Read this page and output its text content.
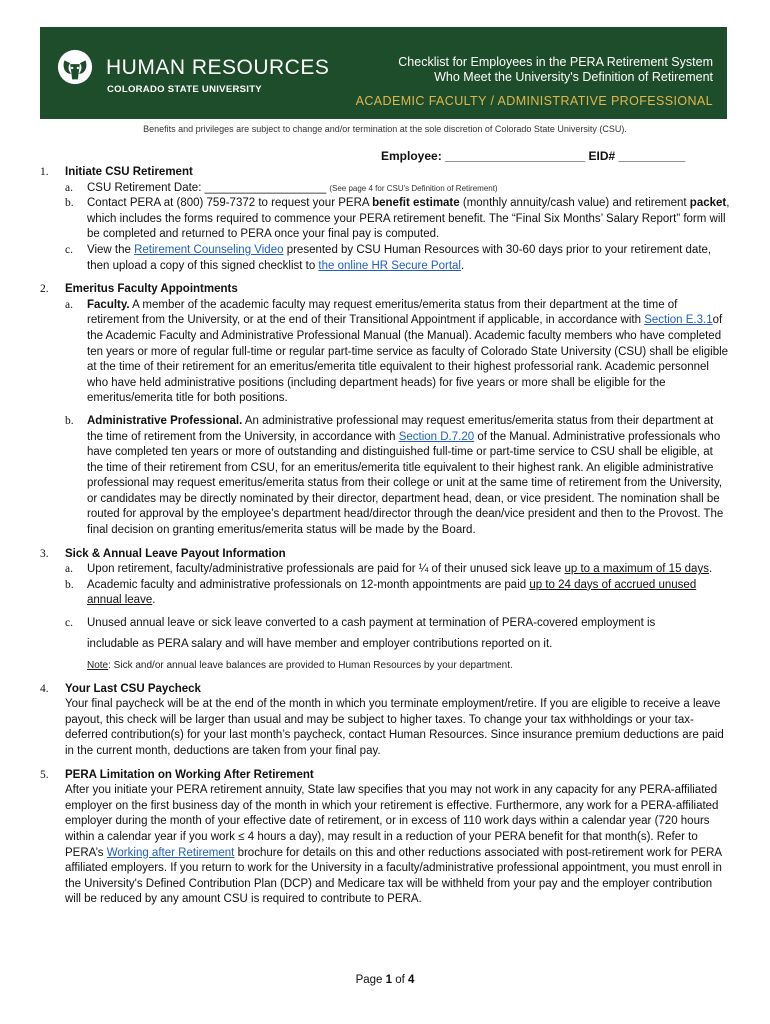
HUMAN RESOURCES
COLORADO STATE UNIVERSITY
Checklist for Employees in the PERA Retirement System
Who Meet the University's Definition of Retirement
ACADEMIC FACULTY / ADMINISTRATIVE PROFESSIONAL
Benefits and privileges are subject to change and/or termination at the sole discretion of Colorado State University (CSU).
Employee: _____________________ EID# __________
1. Initiate CSU Retirement
a. CSU Retirement Date: ___________________ (See page 4 for CSU's Definition of Retirement)
b. Contact PERA at (800) 759-7372 to request your PERA benefit estimate (monthly annuity/cash value) and retirement packet, which includes the forms required to commence your PERA retirement benefit. The “Final Six Months’ Salary Report” form will be completed and returned to PERA once your final pay is computed.
c. View the Retirement Counseling Video presented by CSU Human Resources with 30-60 days prior to your retirement date, then upload a copy of this signed checklist to the online HR Secure Portal.
2. Emeritus Faculty Appointments
a. Faculty. A member of the academic faculty may request emeritus/emerita status from their department at the time of retirement from the University, or at the end of their Transitional Appointment if applicable, in accordance with Section E.3.1of the Academic Faculty and Administrative Professional Manual (the Manual). Academic faculty members who have completed ten years or more of regular full-time or regular part-time service as faculty of Colorado State University (CSU) shall be eligible at the time of their retirement for an emeritus/emerita title equivalent to their highest professorial rank. Academic personnel who have held administrative positions (including department heads) for five years or more shall be eligible for the emeritus/emerita title for both positions.
b. Administrative Professional. An administrative professional may request emeritus/emerita status from their department at the time of retirement from the University, in accordance with Section D.7.20 of the Manual. Administrative professionals who have completed ten years or more of outstanding and distinguished full-time or part-time service to CSU shall be eligible, at the time of their retirement from CSU, for an emeritus/emerita title equivalent to their highest rank. An eligible administrative professional may request emeritus/emerita status from their college or unit at the same time of retirement from the University, or candidates may be directly nominated by their director, department head, dean, or vice president. The nomination shall be routed for approval by the employee’s department head/director through the dean/vice president and then to the Provost. The final decision on granting emeritus/emerita status will be made by the Board.
3. Sick & Annual Leave Payout Information
a. Upon retirement, faculty/administrative professionals are paid for ¼ of their unused sick leave up to a maximum of 15 days.
b. Academic faculty and administrative professionals on 12-month appointments are paid up to 24 days of accrued unused annual leave.
c. Unused annual leave or sick leave converted to a cash payment at termination of PERA-covered employment is
includable as PERA salary and will have member and employer contributions reported on it.
Note: Sick and/or annual leave balances are provided to Human Resources by your department.
4. Your Last CSU Paycheck
Your final paycheck will be at the end of the month in which you terminate employment/retire. If you are eligible to receive a leave payout, this check will be larger than usual and may be subject to higher taxes. To change your tax withholdings or your tax-deferred contribution(s) for your last month’s paycheck, contact Human Resources. Since insurance premium deductions are paid in the current month, deductions are taken from your final pay.
5. PERA Limitation on Working After Retirement
After you initiate your PERA retirement annuity, State law specifies that you may not work in any capacity for any PERA-affiliated employer on the first business day of the month in which your retirement is effective. Furthermore, any work for a PERA-affiliated employer during the month of your effective date of retirement, or in excess of 110 work days within a calendar year (720 hours within a calendar year if you work ≤ 4 hours a day), may result in a reduction of your PERA benefit for that month(s). Refer to PERA’s Working after Retirement brochure for details on this and other reductions associated with post-retirement work for PERA affiliated employers. If you return to work for the University in a faculty/administrative professional appointment, you must enroll in the University's Defined Contribution Plan (DCP) and Medicare tax will be withheld from your pay and the employer contribution will be reduced by any amount CSU is required to contribute to PERA.
Page 1 of 4
